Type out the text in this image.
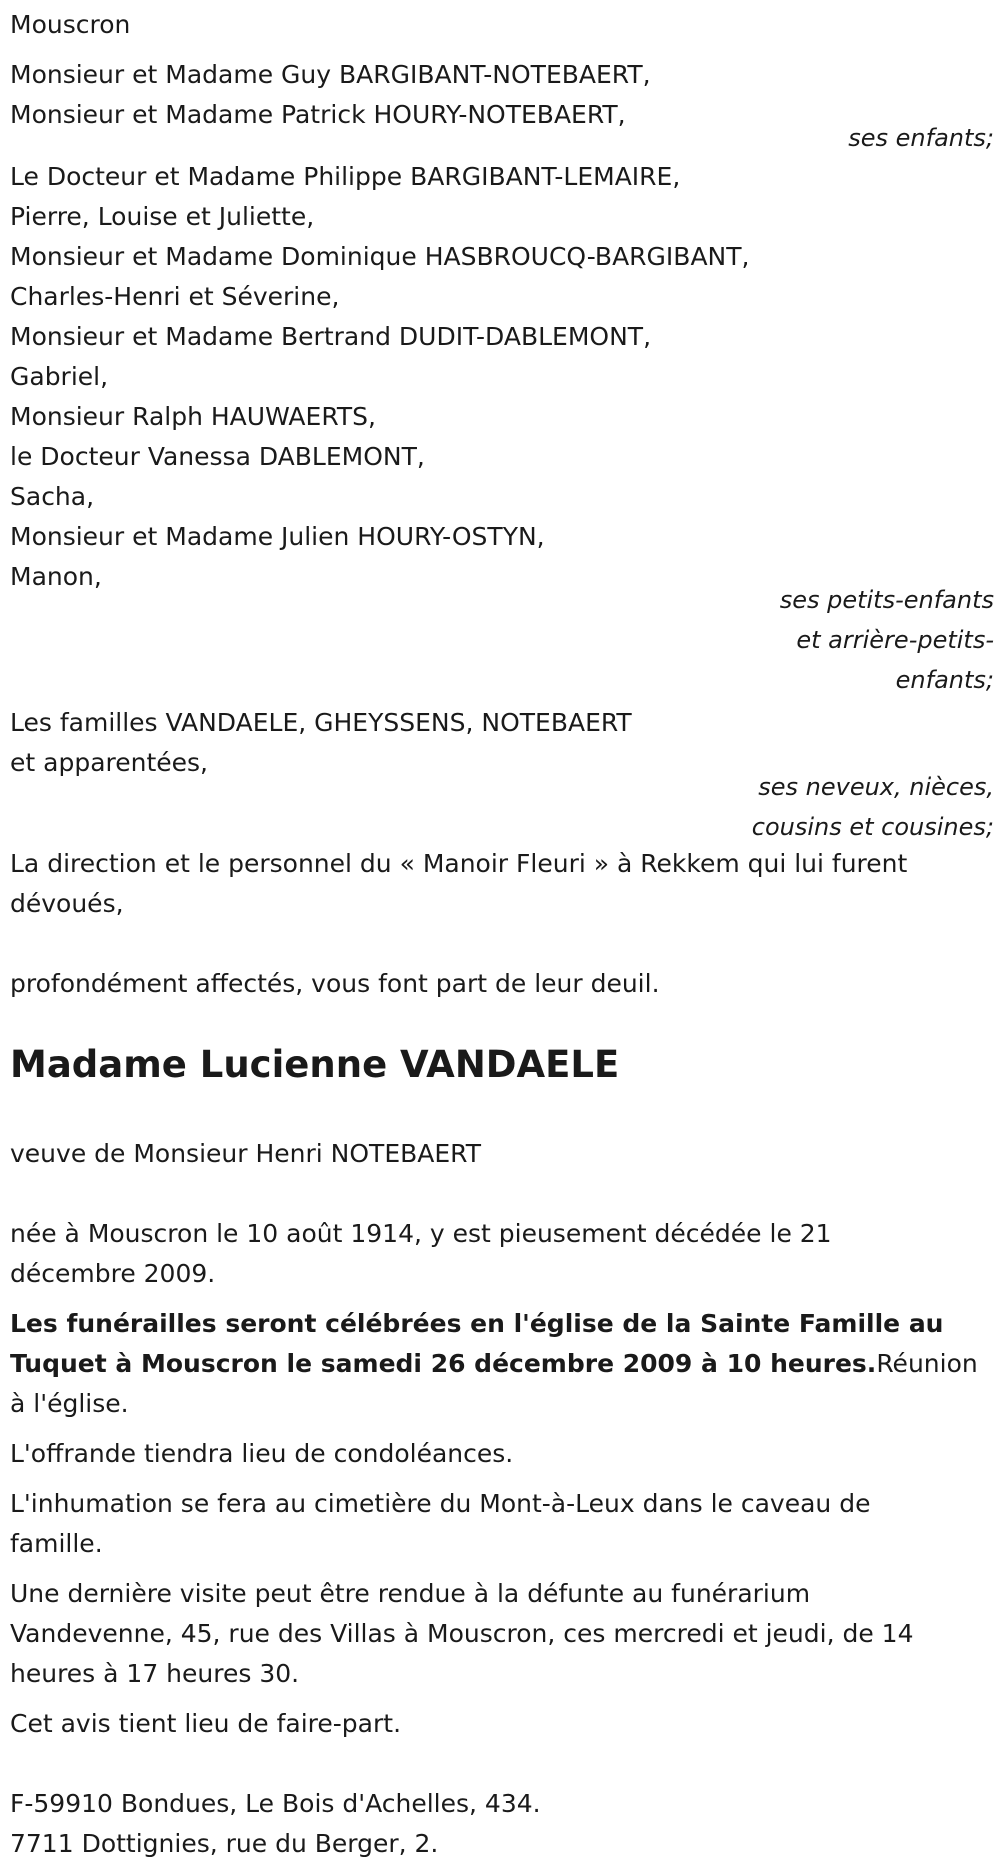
Mouscron
Monsieur et Madame Guy BARGIBANT-NOTEBAERT,
Monsieur et Madame Patrick HOURY-NOTEBAERT,
ses enfants;
Le Docteur et Madame Philippe BARGIBANT-LEMAIRE,
Pierre, Louise et Juliette,
Monsieur et Madame Dominique HASBROUCQ-BARGIBANT,
Charles-Henri et Séverine,
Monsieur et Madame Bertrand DUDIT-DABLEMONT,
Gabriel,
Monsieur Ralph HAUWAERTS,
le Docteur Vanessa DABLEMONT,
Sacha,
Monsieur et Madame Julien HOURY-OSTYN,
Manon,
ses petits-enfants
et arrière-petits-
enfants;
Les familles VANDAELE, GHEYSSENS, NOTEBAERT
et apparentées,
ses neveux, nièces,
cousins et cousines;
La direction et le personnel du « Manoir Fleuri » à Rekkem qui lui furent
dévoués,
profondément affectés, vous font part de leur deuil.
Madame Lucienne VANDAELE
veuve de Monsieur Henri NOTEBAERT
née à Mouscron le 10 août 1914, y est pieusement décédée le 21
décembre 2009.
Les funérailles seront célébrées en l'église de la Sainte Famille au
Tuquet à Mouscron le samedi 26 décembre 2009 à 10 heures.Réunion
à l'église.
L'offrande tiendra lieu de condoléances.
L'inhumation se fera au cimetière du Mont-à-Leux dans le caveau de
famille.
Une dernière visite peut être rendue à la défunte au funérarium
Vandevenne, 45, rue des Villas à Mouscron, ces mercredi et jeudi, de 14
heures à 17 heures 30.
Cet avis tient lieu de faire-part.
F-59910 Bondues, Le Bois d'Achelles, 434.
7711 Dottignies, rue du Berger, 2.
